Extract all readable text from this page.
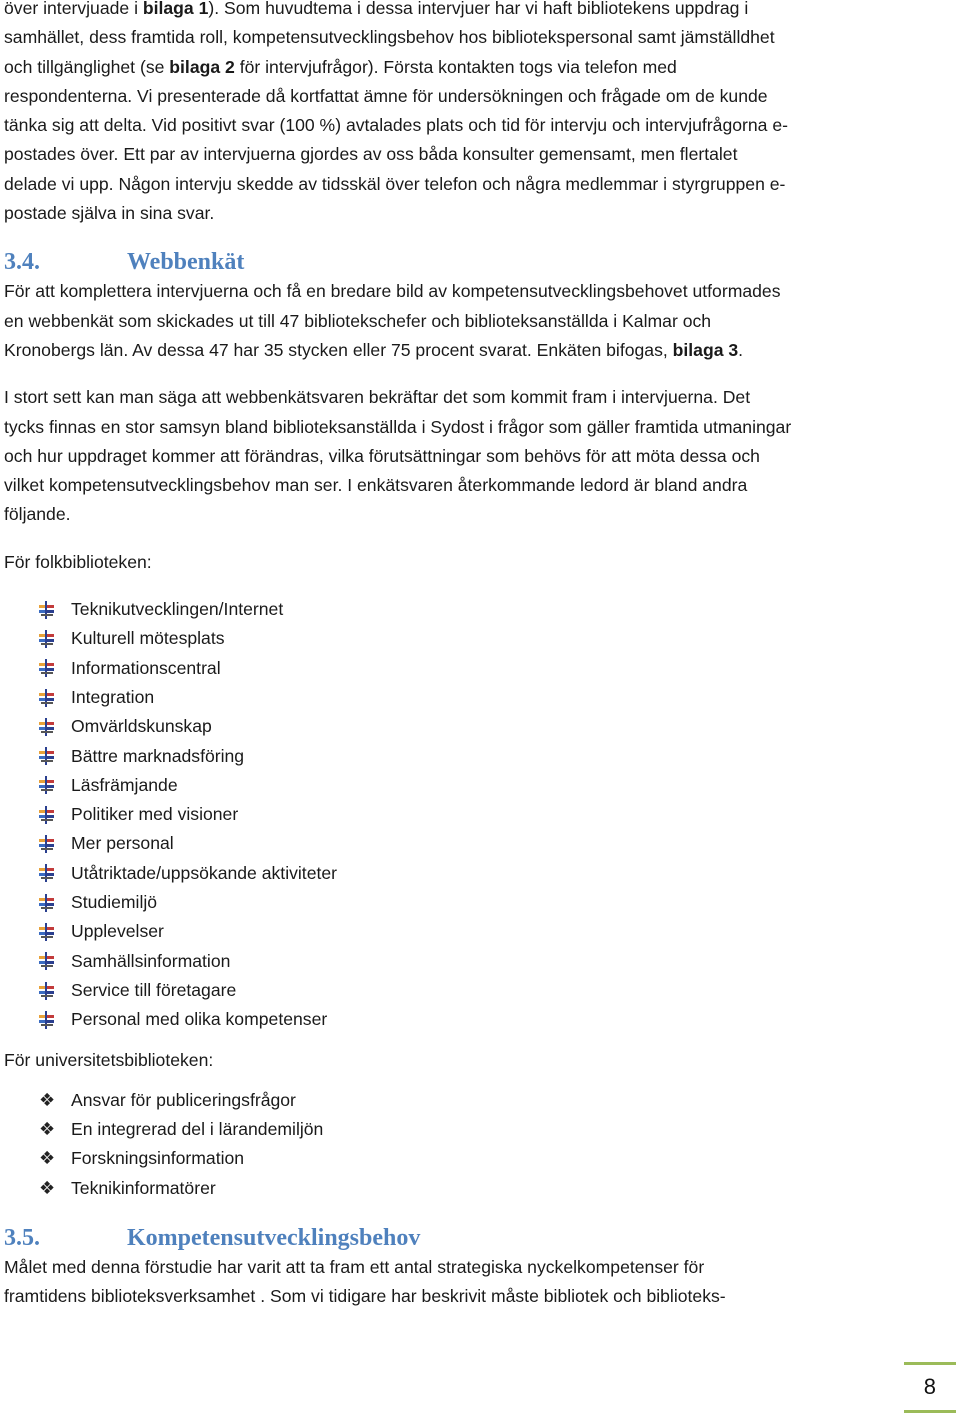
över intervjuade i bilaga 1). Som huvudtema i dessa intervjuer har vi haft bibliotekens uppdrag i

samhället, dess framtida roll, kompetensutvecklingsbehov hos bibliotekspersonal samt jämställdhet

och tillgänglighet (se bilaga 2 för intervjufrågor). Första kontakten togs via telefon med

respondenterna. Vi presenterade då kortfattat ämne för undersökningen och frågade om de kunde

tänka sig att delta. Vid positivt svar (100 %) avtalades plats och tid för intervju och intervjufrågorna e-

postades över. Ett par av intervjuerna gjordes av oss båda konsulter gemensamt, men flertalet

delade vi upp. Någon intervju skedde av tidsskäl över telefon och några medlemmar i styrgruppen e-

postade själva in sina svar.

3.4.	Webbenkät

För att komplettera intervjuerna och få en bredare bild av kompetensutvecklingsbehovet utformades

en webbenkät som skickades ut till 47 bibliotekschefer och biblioteksanställda i Kalmar och

Kronobergs län. Av dessa 47 har 35 stycken eller 75 procent svarat. Enkäten bifogas, bilaga 3.

I stort sett kan man säga att webbenkätsvaren bekräftar det som kommit fram i intervjuerna. Det

tycks finnas en stor samsyn bland biblioteksanställda i Sydost i frågor som gäller framtida utmaningar

och hur uppdraget kommer att förändras, vilka förutsättningar som behövs för att möta dessa och

vilket kompetensutvecklingsbehov man ser. I enkätsvaren återkommande ledord är bland andra

följande.

För folkbiblioteken:

Teknikutvecklingen/Internet
Kulturell mötesplats
Informationscentral
Integration
Omvärldskunskap
Bättre marknadsföring
Läsfrämjande
Politiker med visioner
Mer personal
Utåtriktade/uppsökande aktiviteter
Studiemiljö
Upplevelser
Samhällsinformation
Service till företagare
Personal med olika kompetenser

För universitetsbiblioteken:

❖ Ansvar för publiceringsfrågor
❖ En integrerad del i lärandemiljön
❖ Forskningsinformation
❖ Teknikinformatörer
3.5.	Kompetensutvecklingsbehov

Målet med denna förstudie har varit att ta fram ett antal strategiska nyckelkompetenser för

framtidens biblioteksverksamhet . Som vi tidigare har beskrivit måste bibliotek och biblioteks-

8
